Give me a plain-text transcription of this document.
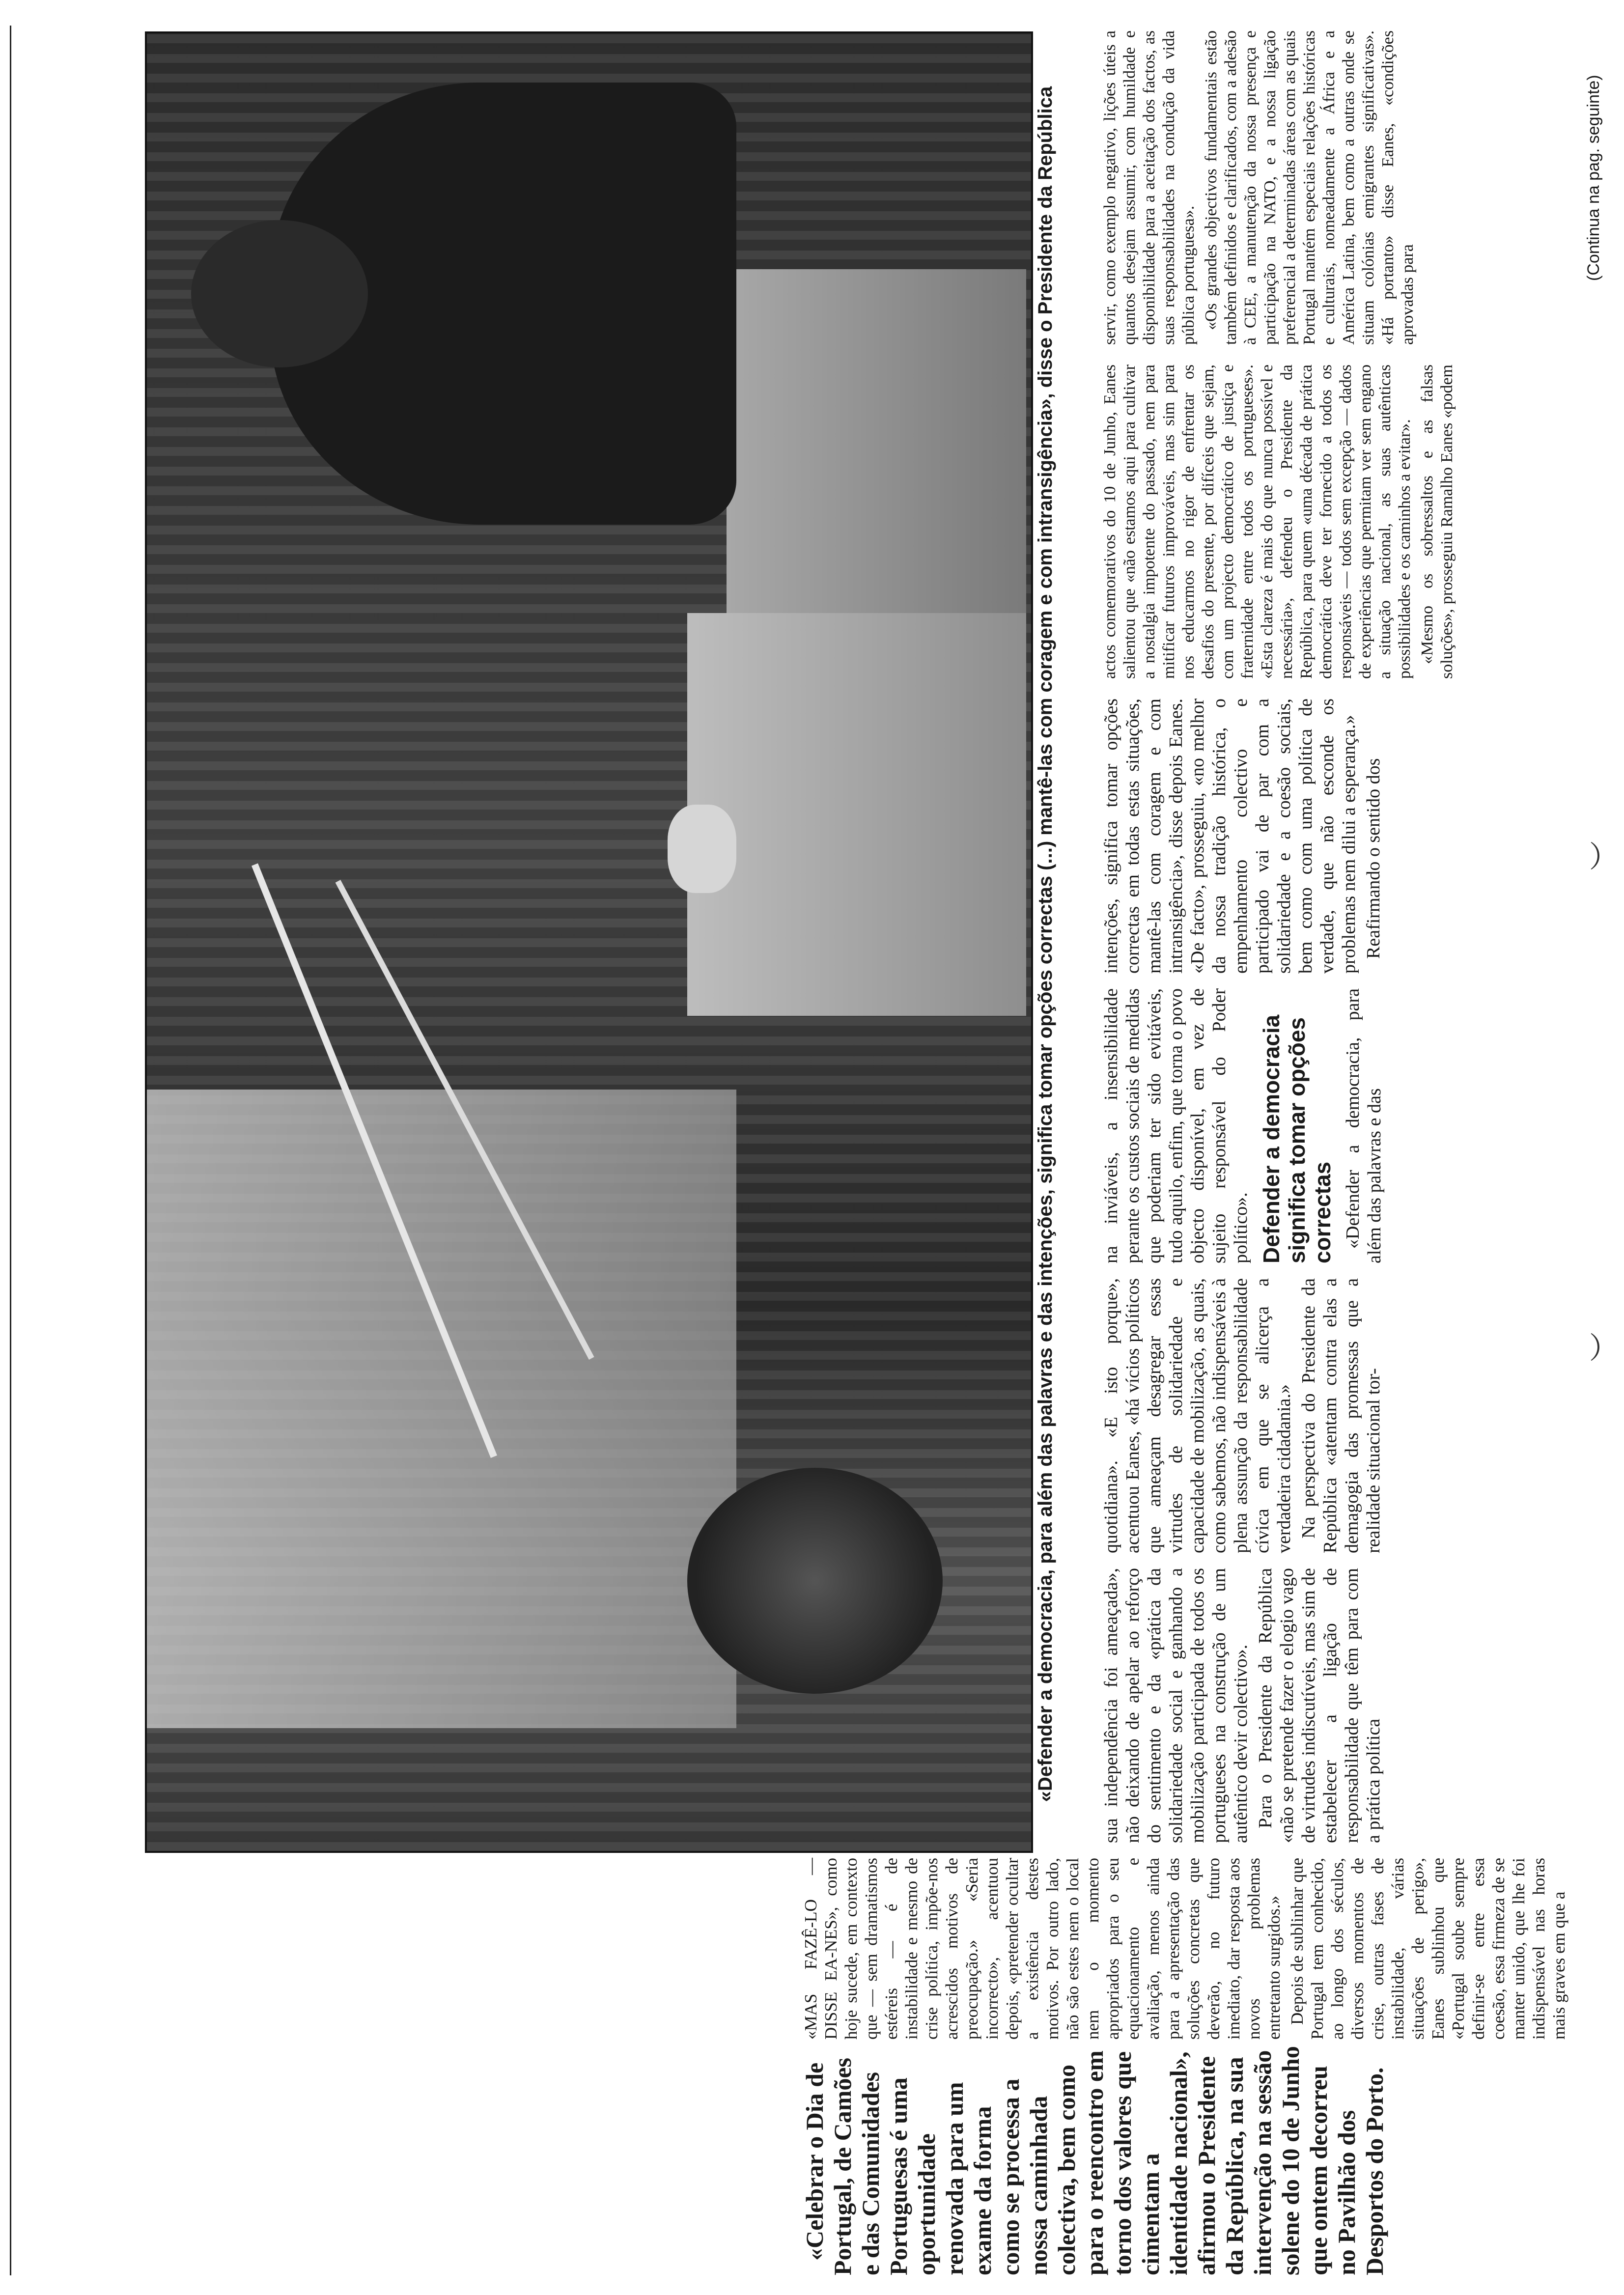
«Celebrar o Dia de Portugal, de Camões e das Comunidades Portuguesas é uma oportunidade renovada para um exame da forma como se processa a nossa caminhada colectiva, bem como para o reencontro em torno dos valores que cimentam a identidade nacional», afirmou o Presidente da República, na sua intervenção na sessão solene do 10 de Junho que ontem decorreu no Pavilhão dos Desportos do Porto.

«MAS FAZÊ-LO —DISSE EA-NES», como hoje sucede, em contexto que — sem dramatismos estéreis — é de instabilidade e mesmo de crise política, impõe-nos acrescidos motivos de preocupação.» «Seria incorrecto», acentuou depois, «pretender ocultar a existência destes motivos. Por outro lado, não são estes nem o local nem o momento apropriados para o seu equacionamento e avaliação, menos ainda para a apresentação das soluções concretas que deverão, no futuro imediato, dar resposta aos novos problemas entretanto surgidos.» Depois de sublinhar que Portugal tem conhecido, ao longo dos séculos, diversos momentos de crise, outras fases de instabilidade, várias situações de perigo», Eanes sublinhou que «Portugal soube sempre definir-se entre essa coesão, essa firmeza de se manter unido, que lhe foi indispensável nas horas mais graves em que a

«Defender a democracia, para além das palavras e das intenções, significa tomar opções correctas (...) mantê-las com coragem e com intransigência», disse o Presidente da República sua independência foi ameaçada», não deixando de apelar ao reforço do sentimento e da «prática da solidariedade social e ganhando a mobilização participada de todos os portugueses na construção de um autêntico devir colectivo». Para o Presidente da República «não se pretende fazer o elogio vago de virtudes indiscutíveis, mas sim de estabelecer a ligação de responsabilidade que têm para com a prática política

quotidiana». «E isto porque», acentuou Eanes, «há vícios políticos que ameaçam desagregar essas virtudes de solidariedade e capacidade de mobilização, as quais, como sabemos, não indispensáveis à plena assunção da responsabilidade cívica em que se alicerça a verdadeira cidadania.» Na perspectiva do Presidente da República «atentam contra elas a demagogia das promessas que a realidade situacional tor-

na inviáveis, a insensibilidade perante os custos sociais de medidas que poderiam ter sido evitáveis, tudo aquilo, enfim, que torna o povo objecto disponível, em vez de sujeito responsável do Poder político». Defender a democracia significa tomar opções correctas «Defender a democracia, para além das palavras e das

intenções, significa tomar opções correctas em todas estas situações, mantê-las com coragem e com intransigência», disse depois Eanes. «De facto», prosseguiu, «no melhor da nossa tradição histórica, o empenhamento colectivo e participado vai de par com a solidariedade e a coesão sociais, bem como com uma política de verdade, que não esconde os problemas nem dilui a esperança.» Reafirmando o sentido dos

actos comemorativos do 10 de Junho, Eanes salientou que «não estamos aqui para cultivar a nostalgia impotente do passado, nem para mitificar futuros improváveis, mas sim para nos educarmos no rigor de enfrentar os desafios do presente, por difíceis que sejam, com um projecto democrático de justiça e fraternidade entre todos os portugueses». «Esta clareza é mais do que nunca possível e necessária», defendeu o Presidente da República, para quem «uma década de prática democrática deve ter fornecido a todos os responsáveis — todos sem excepção — dados de experiências que permitam ver sem engano a situação nacional, as suas autênticas possibilidades e os caminhos a evitar». «Mesmo os sobressaltos e as falsas soluções», prosseguiu Ramalho Eanes «podem servir, como exemplo negativo, lições úteis a quantos desejam assumir, com humildade e disponibilidade para a aceitação dos factos, as suas responsabilidades na condução da vida pública portuguesa». «Os grandes objectivos fundamentais estão também definidos e clarificados, com a adesão à CEE, a manutenção da nossa presença e participação na NATO, e a nossa ligação preferencial a determinadas áreas com as quais Portugal mantém especiais relações históricas e culturais, nomeadamente a África e a América Latina, bem como a outras onde se situam colónias emigrantes significativas». «Há portanto» disse Eanes, «condições aprovadas para

(Continua na pag. seguinte)
︶
︶
